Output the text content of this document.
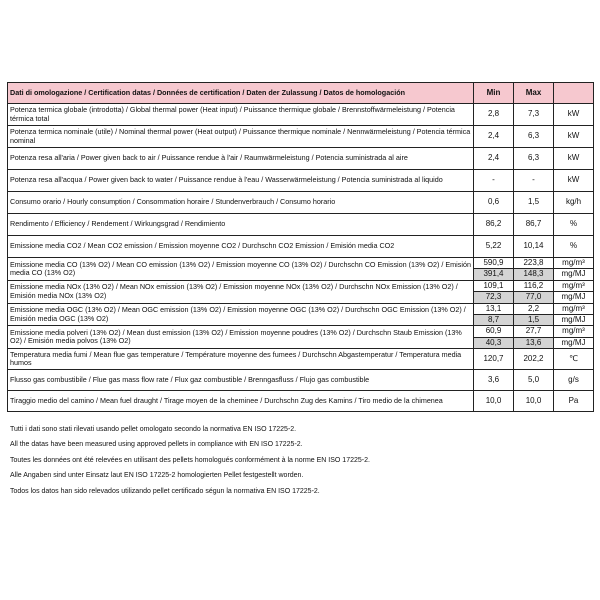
Dati di omologazione / Certification datas / Données de certification / Daten der Zulassung / Datos de homologación	Min	Max	
Potenza termica globale (introdotta) / Global thermal power (Heat input) / Puissance thermique globale / Brennstoffwärmeleistung / Potencia térmica total	2,8	7,3	kW
Potenza termica nominale (utile) / Nominal thermal power (Heat output) / Puissance thermique nominale / Nennwärmeleistung / Potencia térmica nominal	2,4	6,3	kW
Potenza resa all'aria / Power given back to air / Puissance rendue à l'air / Raumwärmeleistung / Potencia suministrada al aire	2,4	6,3	kW
Potenza resa all'acqua / Power given back to water / Puissance rendue à l'eau / Wasserwärmeleistung / Potencia suministrada al liquido	-	-	kW
Consumo orario / Hourly consumption / Consommation horaire / Stundenverbrauch / Consumo horario	0,6	1,5	kg/h
Rendimento / Efficiency / Rendement / Wirkungsgrad / Rendimiento	86,2	86,7	%
Emissione media CO2 / Mean CO2 emission / Emission moyenne CO2 / Durchschn CO2 Emission / Emisión media CO2	5,22	10,14	%
Emissione media CO (13% O2) / Mean CO emission (13% O2) / Emission moyenne CO (13% O2) / Durchschn CO Emission (13% O2) / Emisión media CO (13% O2)	590,9	223,8	mg/m³
	391,4	148,3	mg/MJ
Emissione media NOx (13% O2) / Mean NOx emission (13% O2) / Emission moyenne NOx (13% O2) / Durchschn NOx Emission (13% O2) / Emisión media NOx (13% O2)	109,1	116,2	mg/m³
	72,3	77,0	mg/MJ
Emissione media OGC (13% O2) / Mean OGC emission (13% O2) / Emission moyenne OGC (13% O2) / Durchschn OGC Emission (13% O2) / Emisión media OGC (13% O2)	13,1	2,2	mg/m³
	8,7	1,5	mg/MJ
Emissione media polveri (13% O2) / Mean dust emission (13% O2) / Emission moyenne poudres (13% O2) / Durchschn Staub Emission (13% O2) / Emisión media polvos (13% O2)	60,9	27,7	mg/m³
	40,3	13,6	mg/MJ
Temperatura media fumi / Mean flue gas temperature / Température moyenne des fumees / Durchschn Abgastemperatur / Temperatura media humos	120,7	202,2	℃
Flusso gas combustibile / Flue gas mass flow rate / Flux gaz combustible / Brenngasfluss / Flujo gas combustible	3,6	5,0	g/s
Tiraggio medio del camino / Mean fuel draught / Tirage moyen de la cheminee / Durchschn Zug des Kamins / Tiro medio de la chimenea	10,0	10,0	Pa

Tutti i dati sono stati rilevati usando pellet omologato secondo la normativa EN ISO 17225-2.

All the datas have been measured using approved pellets in compliance with EN ISO 17225-2.

Toutes les données ont été relevées en utilisant des pellets homologués conformément à la norme EN ISO 17225-2.

Alle Angaben sind unter Einsatz laut EN ISO 17225-2 homologierten Pellet festgestellt worden.

Todos los datos han sido relevados utilizando pellet certificado ségun la normativa EN ISO 17225-2.
